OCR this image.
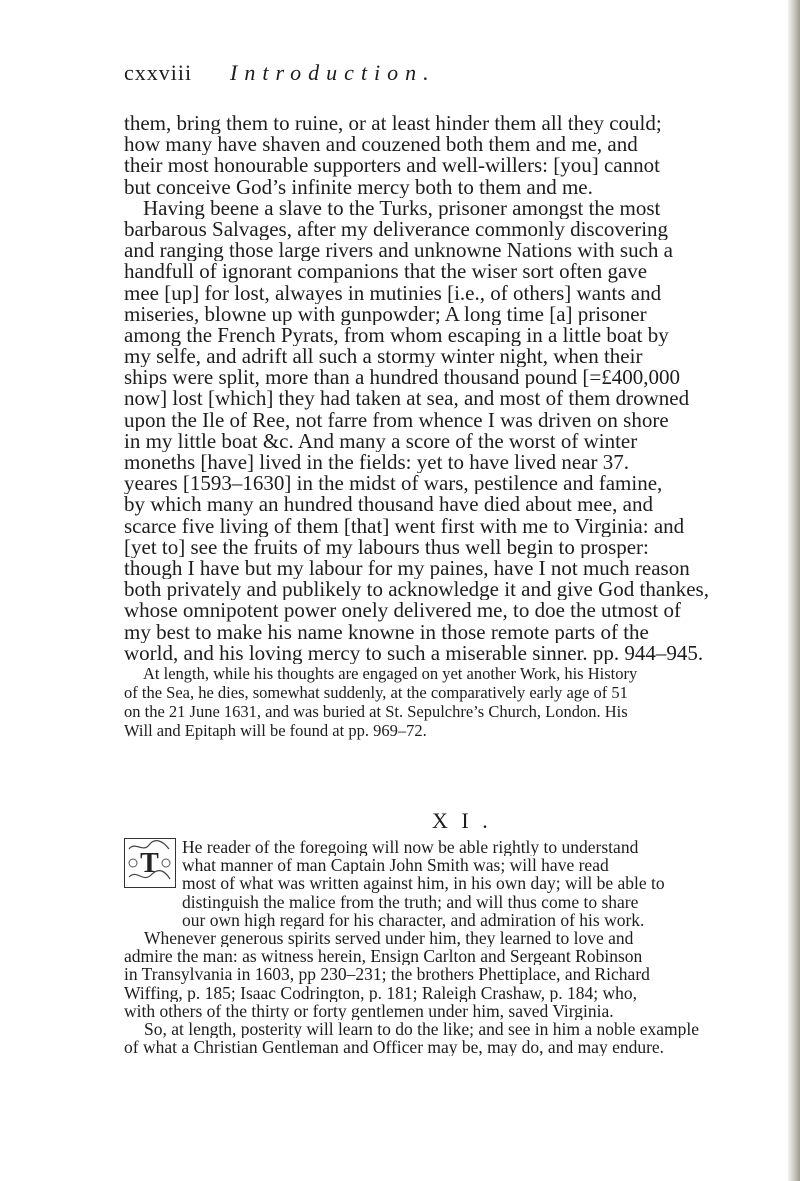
cxxviii Introduction.
them, bring them to ruine, or at least hinder them all they could;
how many have shaven and couzened both them and me, and
their most honourable supporters and well-willers: [you] cannot
but conceive God’s infinite mercy both to them and me.
Having beene a slave to the Turks, prisoner amongst the most
barbarous Salvages, after my deliverance commonly discovering
and ranging those large rivers and unknowne Nations with such a
handfull of ignorant companions that the wiser sort often gave
mee [up] for lost, alwayes in mutinies [i.e., of others] wants and
miseries, blowne up with gunpowder; A long time [a] prisoner
among the French Pyrats, from whom escaping in a little boat by
my selfe, and adrift all such a stormy winter night, when their
ships were split, more than a hundred thousand pound [=£400,000
now] lost [which] they had taken at sea, and most of them drowned
upon the Ile of Ree, not farre from whence I was driven on shore
in my little boat &c. And many a score of the worst of winter
moneths [have] lived in the fields: yet to have lived near 37.
yeares [1593–1630] in the midst of wars, pestilence and famine,
by which many an hundred thousand have died about mee, and
scarce five living of them [that] went first with me to Virginia: and
[yet to] see the fruits of my labours thus well begin to prosper:
though I have but my labour for my paines, have I not much reason
both privately and publikely to acknowledge it and give God thankes,
whose omnipotent power onely delivered me, to doe the utmost of
my best to make his name knowne in those remote parts of the
world, and his loving mercy to such a miserable sinner. pp. 944–945.
At length, while his thoughts are engaged on yet another Work, his History
of the Sea, he dies, somewhat suddenly, at the comparatively early age of 51
on the 21 June 1631, and was buried at St. Sepulchre’s Church, London. His
Will and Epitaph will be found at pp. 969–72.
X I .
T
He reader of the foregoing will now be able rightly to understand
what manner of man Captain John Smith was; will have read
most of what was written against him, in his own day; will be able to
distinguish the malice from the truth; and will thus come to share
our own high regard for his character, and admiration of his work.
Whenever generous spirits served under him, they learned to love and
admire the man: as witness herein, Ensign Carlton and Sergeant Robinson
in Transylvania in 1603, pp 230–231; the brothers Phettiplace, and Richard
Wiffing, p. 185; Isaac Codrington, p. 181; Raleigh Crashaw, p. 184; who,
with others of the thirty or forty gentlemen under him, saved Virginia.
So, at length, posterity will learn to do the like; and see in him a noble example
of what a Christian Gentleman and Officer may be, may do, and may endure.
